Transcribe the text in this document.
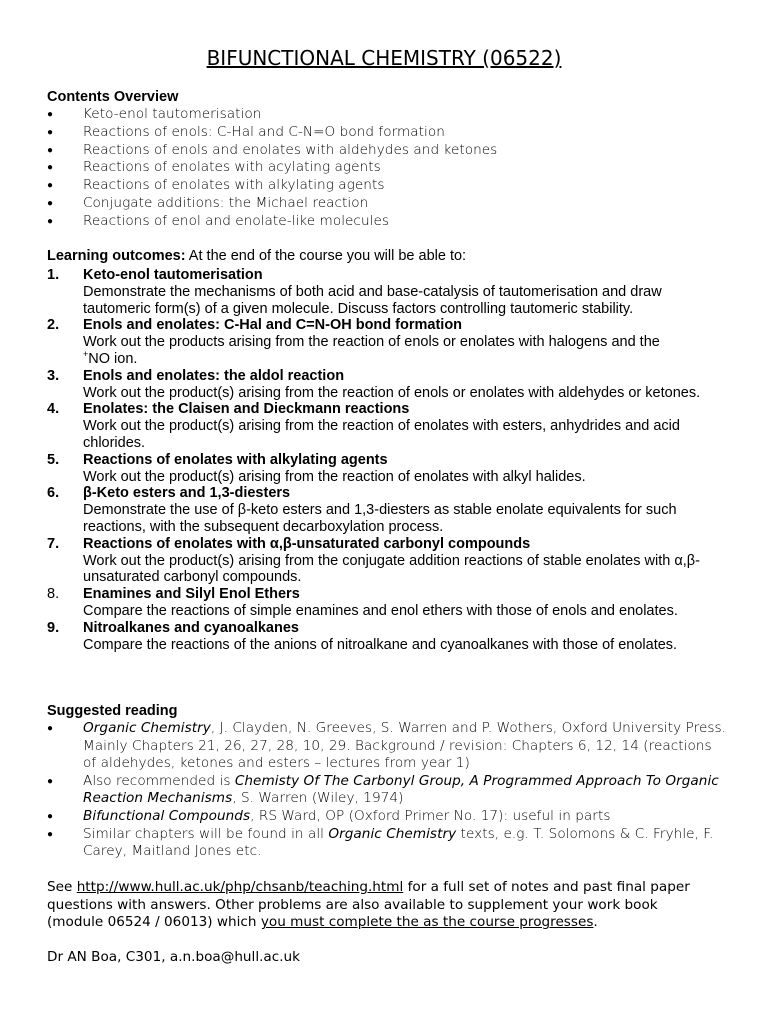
BIFUNCTIONAL CHEMISTRY (06522)
Contents Overview
● Keto-enol tautomerisation
● Reactions of enols: C-Hal and C-N=O bond formation
● Reactions of enols and enolates with aldehydes and ketones
● Reactions of enolates with acylating agents
● Reactions of enolates with alkylating agents
● Conjugate additions: the Michael reaction
● Reactions of enol and enolate-like molecules
Learning outcomes: At the end of the course you will be able to:
1. Keto-enol tautomerisation
Demonstrate the mechanisms of both acid and base-catalysis of tautomerisation and draw tautomeric form(s) of a given molecule. Discuss factors controlling tautomeric stability.
2. Enols and enolates: C-Hal and C=N-OH bond formation
Work out the products arising from the reaction of enols or enolates with halogens and the
+NO ion.
3. Enols and enolates: the aldol reaction
Work out the product(s) arising from the reaction of enols or enolates with aldehydes or ketones.
4. Enolates: the Claisen and Dieckmann reactions
Work out the product(s) arising from the reaction of enolates with esters, anhydrides and acid chlorides.
5. Reactions of enolates with alkylating agents
Work out the product(s) arising from the reaction of enolates with alkyl halides.
6. β-Keto esters and 1,3-diesters
Demonstrate the use of β-keto esters and 1,3-diesters as stable enolate equivalents for such reactions, with the subsequent decarboxylation process.
7. Reactions of enolates with α,β-unsaturated carbonyl compounds
Work out the product(s) arising from the conjugate addition reactions of stable enolates with α,β-unsaturated carbonyl compounds.
8. Enamines and Silyl Enol Ethers
Compare the reactions of simple enamines and enol ethers with those of enols and enolates.
9. Nitroalkanes and cyanoalkanes
Compare the reactions of the anions of nitroalkane and cyanoalkanes with those of enolates.
Suggested reading
● Organic Chemistry, J. Clayden, N. Greeves, S. Warren and P. Wothers, Oxford University Press. Mainly Chapters 21, 26, 27, 28, 10, 29. Background / revision: Chapters 6, 12, 14 (reactions of aldehydes, ketones and esters – lectures from year 1)
● Also recommended is Chemisty Of The Carbonyl Group, A Programmed Approach To Organic Reaction Mechanisms, S. Warren (Wiley, 1974)
● Bifunctional Compounds, RS Ward, OP (Oxford Primer No. 17): useful in parts
● Similar chapters will be found in all Organic Chemistry texts, e.g. T. Solomons & C. Fryhle, F. Carey, Maitland Jones etc.
See http://www.hull.ac.uk/php/chsanb/teaching.html for a full set of notes and past final paper questions with answers. Other problems are also available to supplement your work book (module 06524 / 06013) which you must complete the as the course progresses.
Dr AN Boa, C301, a.n.boa@hull.ac.uk
